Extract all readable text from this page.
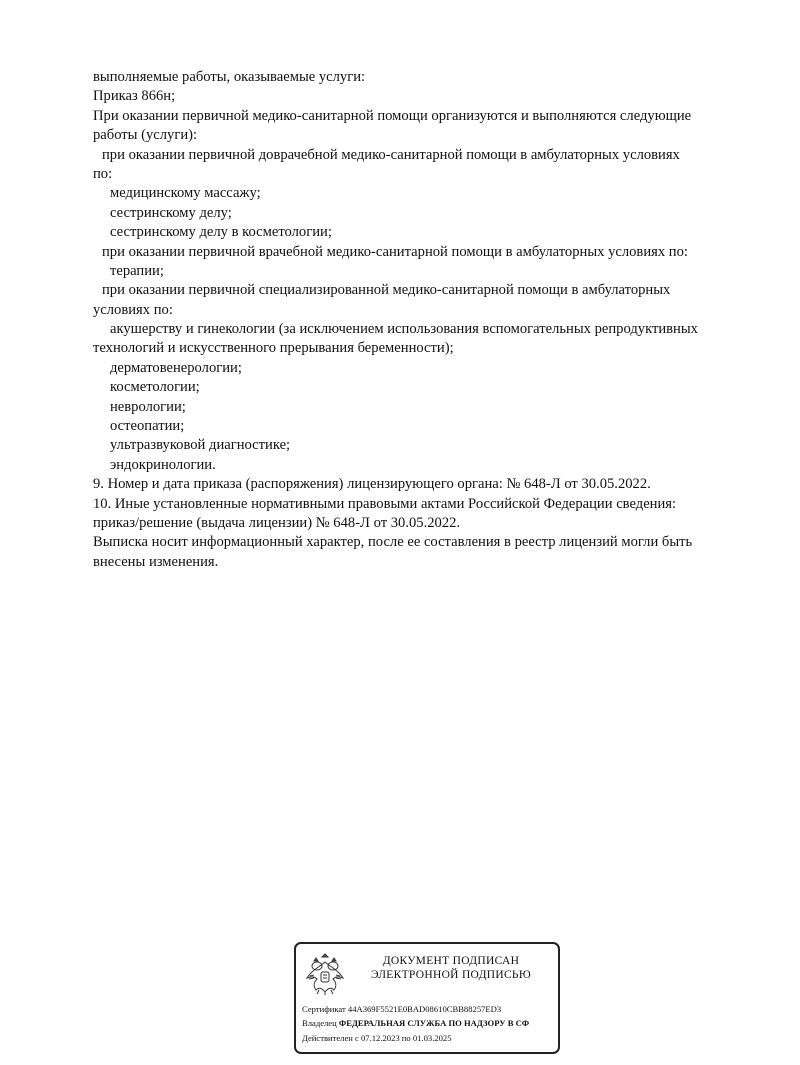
выполняемые работы, оказываемые услуги:
Приказ 866н;
При оказании первичной медико-санитарной помощи организуются и выполняются следующие
работы (услуги):
при оказании первичной доврачебной медико-санитарной помощи в амбулаторных условиях
по:
медицинскому массажу;
сестринскому делу;
сестринскому делу в косметологии;
при оказании первичной врачебной медико-санитарной помощи в амбулаторных условиях по:
терапии;
при оказании первичной специализированной медико-санитарной помощи в амбулаторных
условиях по:
акушерству и гинекологии (за исключением использования вспомогательных репродуктивных
технологий и искусственного прерывания беременности);
дерматовенерологии;
косметологии;
неврологии;
остеопатии;
ультразвуковой диагностике;
эндокринологии.
9. Номер и дата приказа (распоряжения) лицензирующего органа: № 648-Л от 30.05.2022.
10. Иные установленные нормативными правовыми актами Российской Федерации сведения:
приказ/решение (выдача лицензии) № 648-Л от 30.05.2022.
Выписка носит информационный характер, после ее составления в реестр лицензий могли быть
внесены изменения.
ДОКУМЕНТ ПОДПИСАН
ЭЛЕКТРОННОЙ ПОДПИСЬЮ
Сертификат 44A369F5521E0BAD08610CBB88257ED3
Владелец ФЕДЕРАЛЬНАЯ СЛУЖБА ПО НАДЗОРУ В СФ
Действителен с 07.12.2023 по 01.03.2025
